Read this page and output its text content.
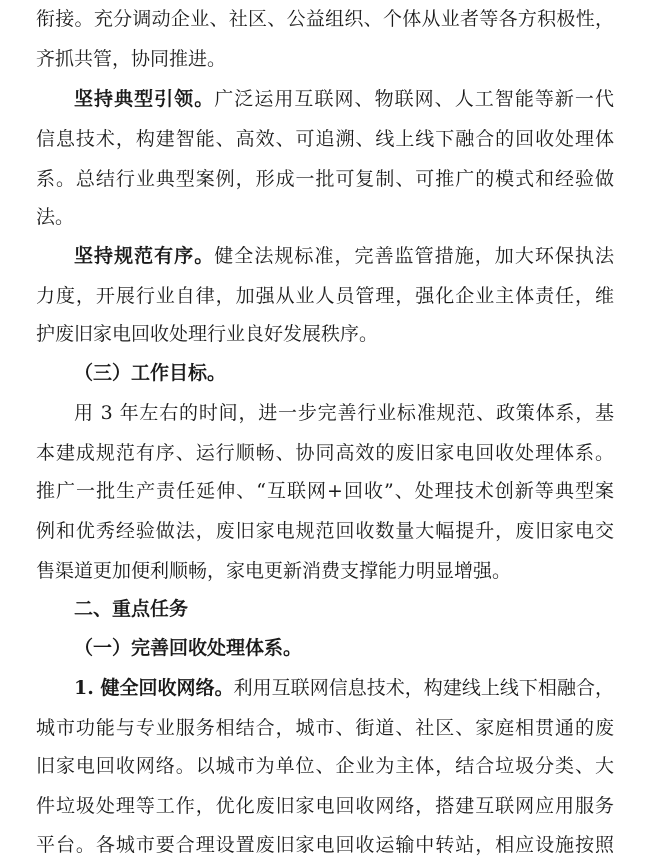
衔接。充分调动企业、社区、公益组织、个体从业者等各方积极性，
齐抓共管，协同推进。
坚持典型引领。广泛运用互联网、物联网、人工智能等新一代
信息技术，构建智能、高效、可追溯、线上线下融合的回收处理体
系。总结行业典型案例，形成一批可复制、可推广的模式和经验做
法。
坚持规范有序。健全法规标准，完善监管措施，加大环保执法
力度，开展行业自律，加强从业人员管理，强化企业主体责任，维
护废旧家电回收处理行业良好发展秩序。
（三）工作目标。
用 3 年左右的时间，进一步完善行业标准规范、政策体系，基
本建成规范有序、运行顺畅、协同高效的废旧家电回收处理体系。
推广一批生产责任延伸、“互联网+回收”、处理技术创新等典型案
例和优秀经验做法，废旧家电规范回收数量大幅提升，废旧家电交
售渠道更加便利顺畅，家电更新消费支撑能力明显增强。
二、重点任务
（一）完善回收处理体系。
1. 健全回收网络。利用互联网信息技术，构建线上线下相融合，
城市功能与专业服务相结合，城市、街道、社区、家庭相贯通的废
旧家电回收网络。以城市为单位、企业为主体，结合垃圾分类、大
件垃圾处理等工作，优化废旧家电回收网络，搭建互联网应用服务
平台。各城市要合理设置废旧家电回收运输中转站，相应设施按照
